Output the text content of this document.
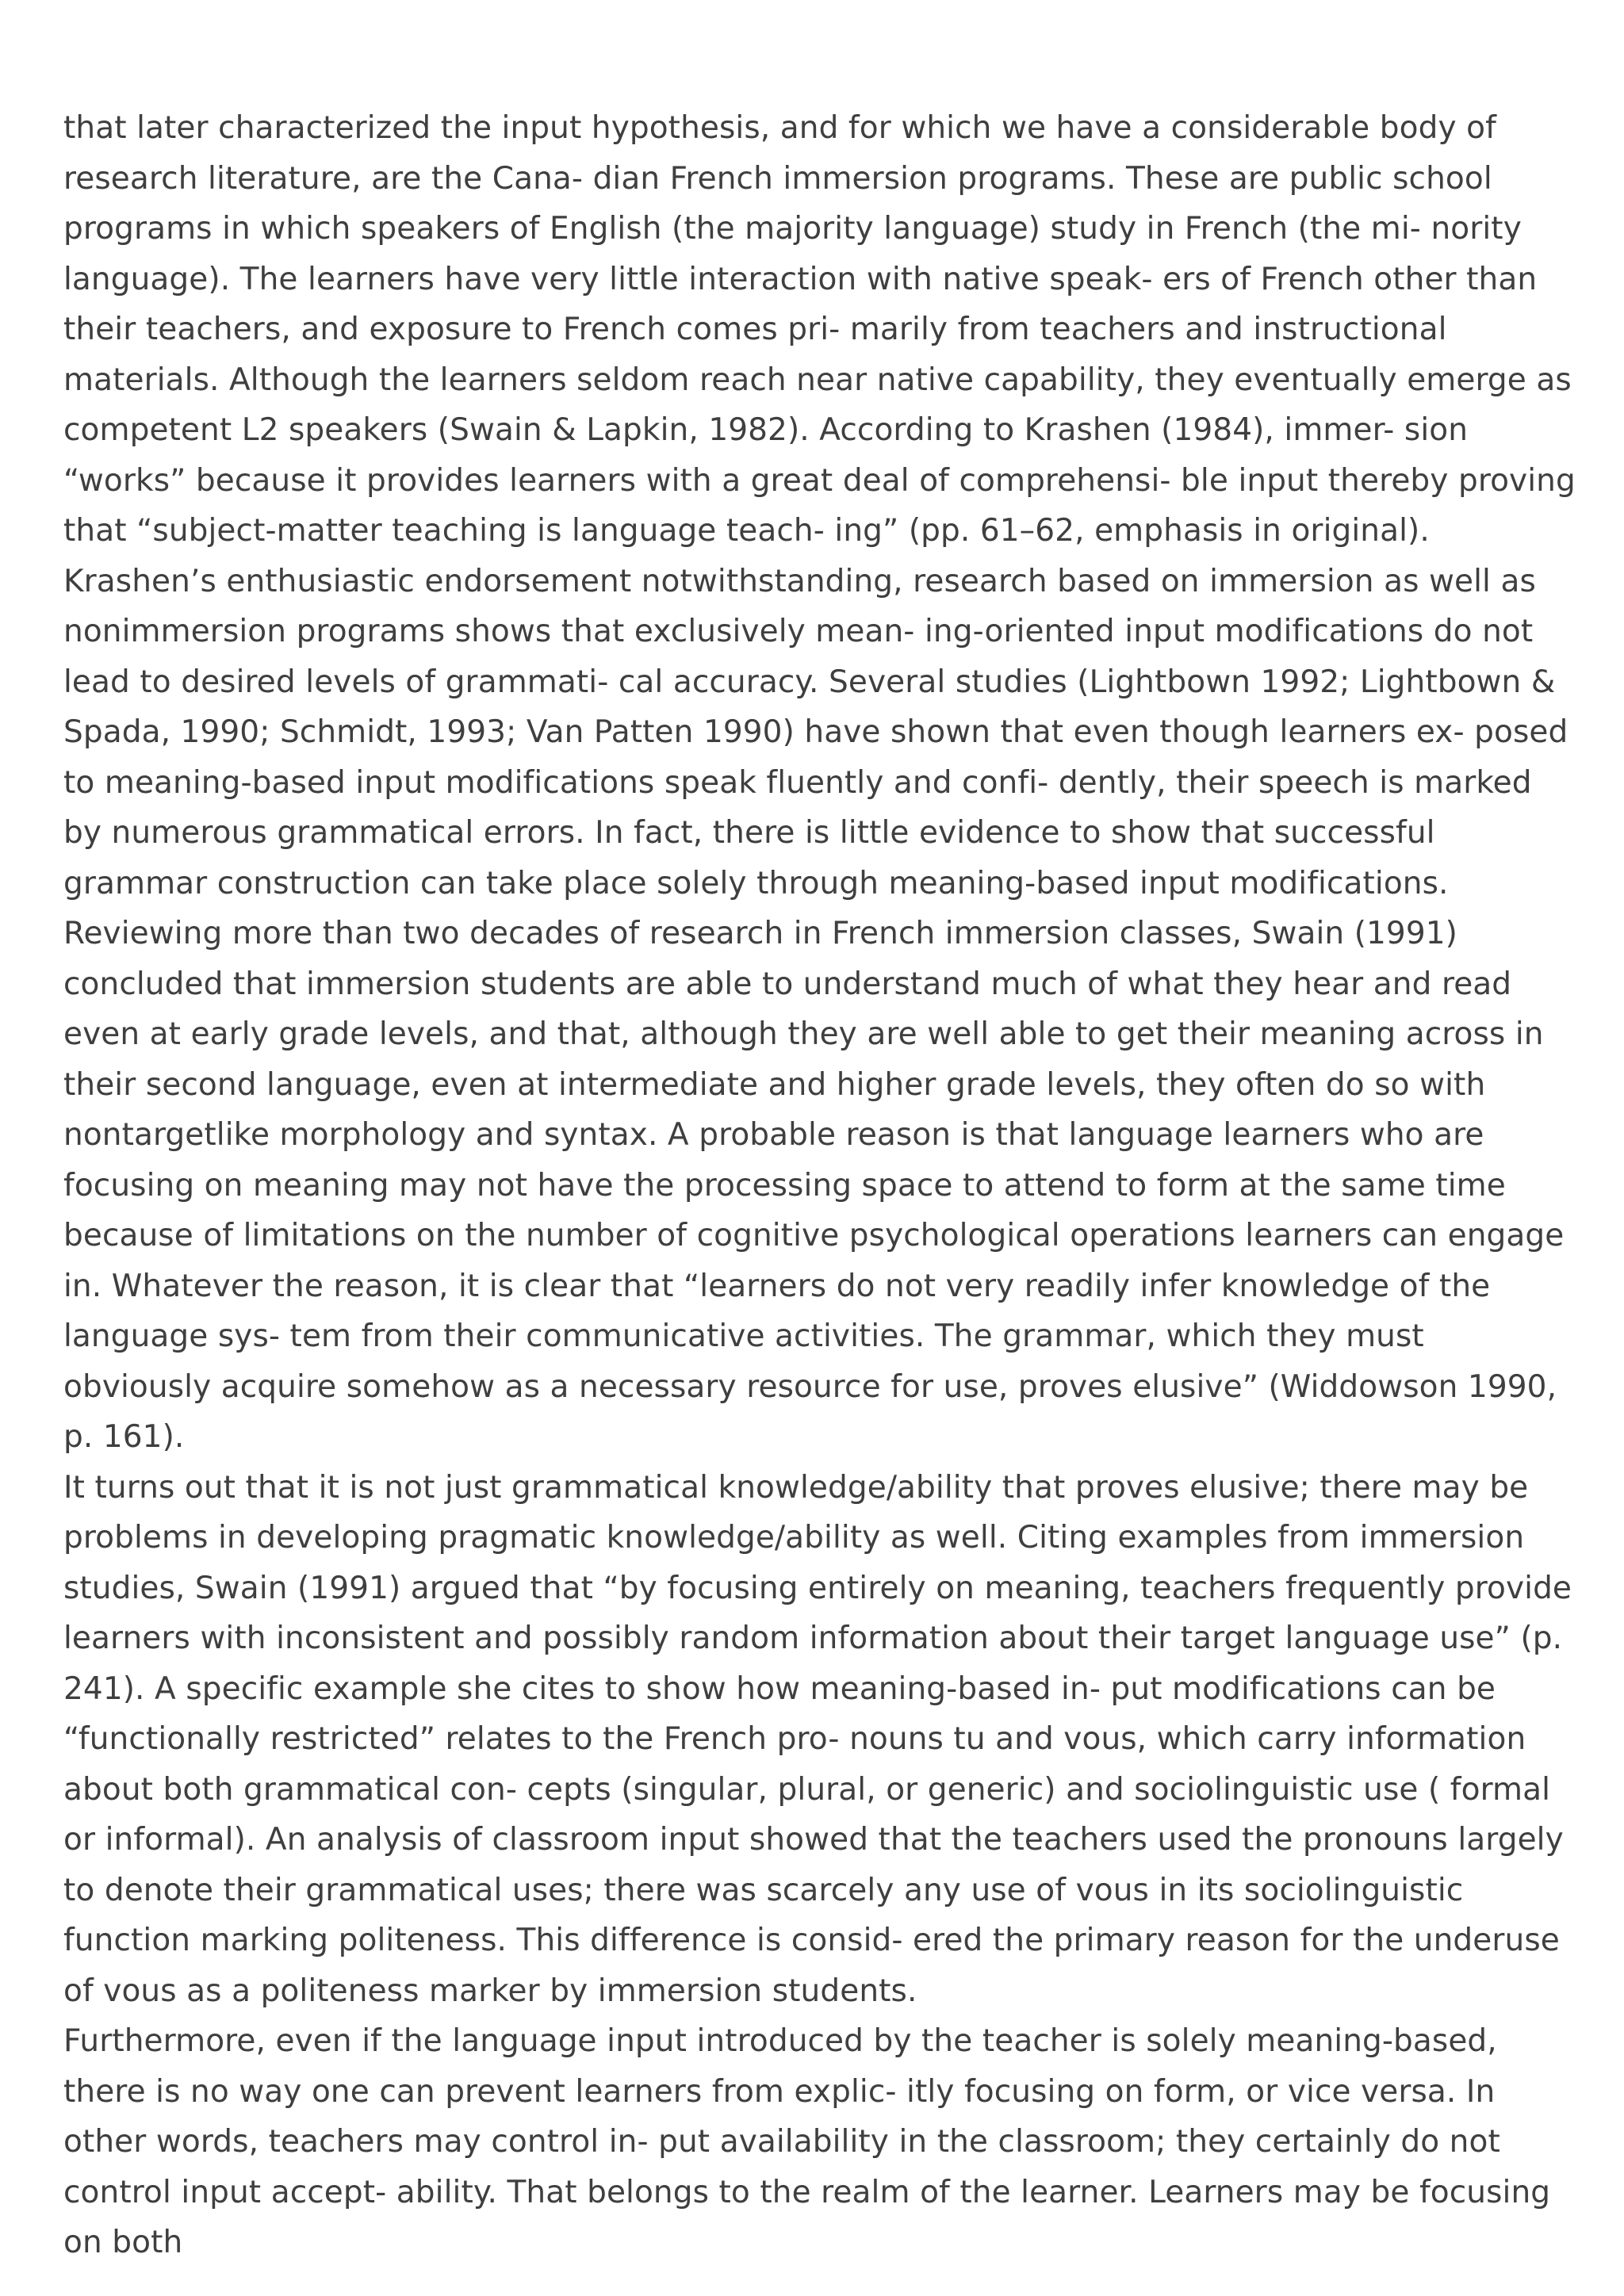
that later characterized the input hypothesis, and for which we have a considerable body of research literature, are the Cana- dian French immersion programs. These are public school programs in which speakers of English (the majority language) study in French (the mi- nority language). The learners have very little interaction with native speak- ers of French other than their teachers, and exposure to French comes pri- marily from teachers and instructional materials. Although the learners seldom reach near native capability, they eventually emerge as competent L2 speakers (Swain & Lapkin, 1982). According to Krashen (1984), immer- sion “works” because it provides learners with a great deal of comprehensi- ble input thereby proving that “subject-matter teaching is language teach- ing” (pp. 61–62, emphasis in original).

Krashen’s enthusiastic endorsement notwithstanding, research based on immersion as well as nonimmersion programs shows that exclusively mean- ing-oriented input modifications do not lead to desired levels of grammati- cal accuracy. Several studies (Lightbown 1992; Lightbown & Spada, 1990; Schmidt, 1993; Van Patten 1990) have shown that even though learners ex- posed to meaning-based input modifications speak fluently and confi- dently, their speech is marked by numerous grammatical errors. In fact, there is little evidence to show that successful grammar construction can take place solely through meaning-based input modifications. Reviewing more than two decades of research in French immersion classes, Swain (1991) concluded that immersion students are able to understand much of what they hear and read even at early grade levels, and that, although they are well able to get their meaning across in their second language, even at intermediate and higher grade levels, they often do so with nontargetlike morphology and syntax. A probable reason is that language learners who are focusing on meaning may not have the processing space to attend to form at the same time because of limitations on the number of cognitive psychological operations learners can engage in. Whatever the reason, it is clear that “learners do not very readily infer knowledge of the language sys- tem from their communicative activities. The grammar, which they must obviously acquire somehow as a necessary resource for use, proves elusive” (Widdowson 1990, p. 161).

It turns out that it is not just grammatical knowledge/ability that proves elusive; there may be problems in developing pragmatic knowledge/ability as well. Citing examples from immersion studies, Swain (1991) argued that “by focusing entirely on meaning, teachers frequently provide learners with inconsistent and possibly random information about their target language use” (p. 241). A specific example she cites to show how meaning-based in- put modifications can be “functionally restricted” relates to the French pro- nouns tu and vous, which carry information about both grammatical con- cepts (singular, plural, or generic) and sociolinguistic use ( formal or informal). An analysis of classroom input showed that the teachers used the pronouns largely to denote their grammatical uses; there was scarcely any use of vous in its sociolinguistic function marking politeness. This difference is consid- ered the primary reason for the underuse of vous as a politeness marker by immersion students.

Furthermore, even if the language input introduced by the teacher is solely meaning-based, there is no way one can prevent learners from explic- itly focusing on form, or vice versa. In other words, teachers may control in- put availability in the classroom; they certainly do not control input accept- ability. That belongs to the realm of the learner. Learners may be focusing on both
